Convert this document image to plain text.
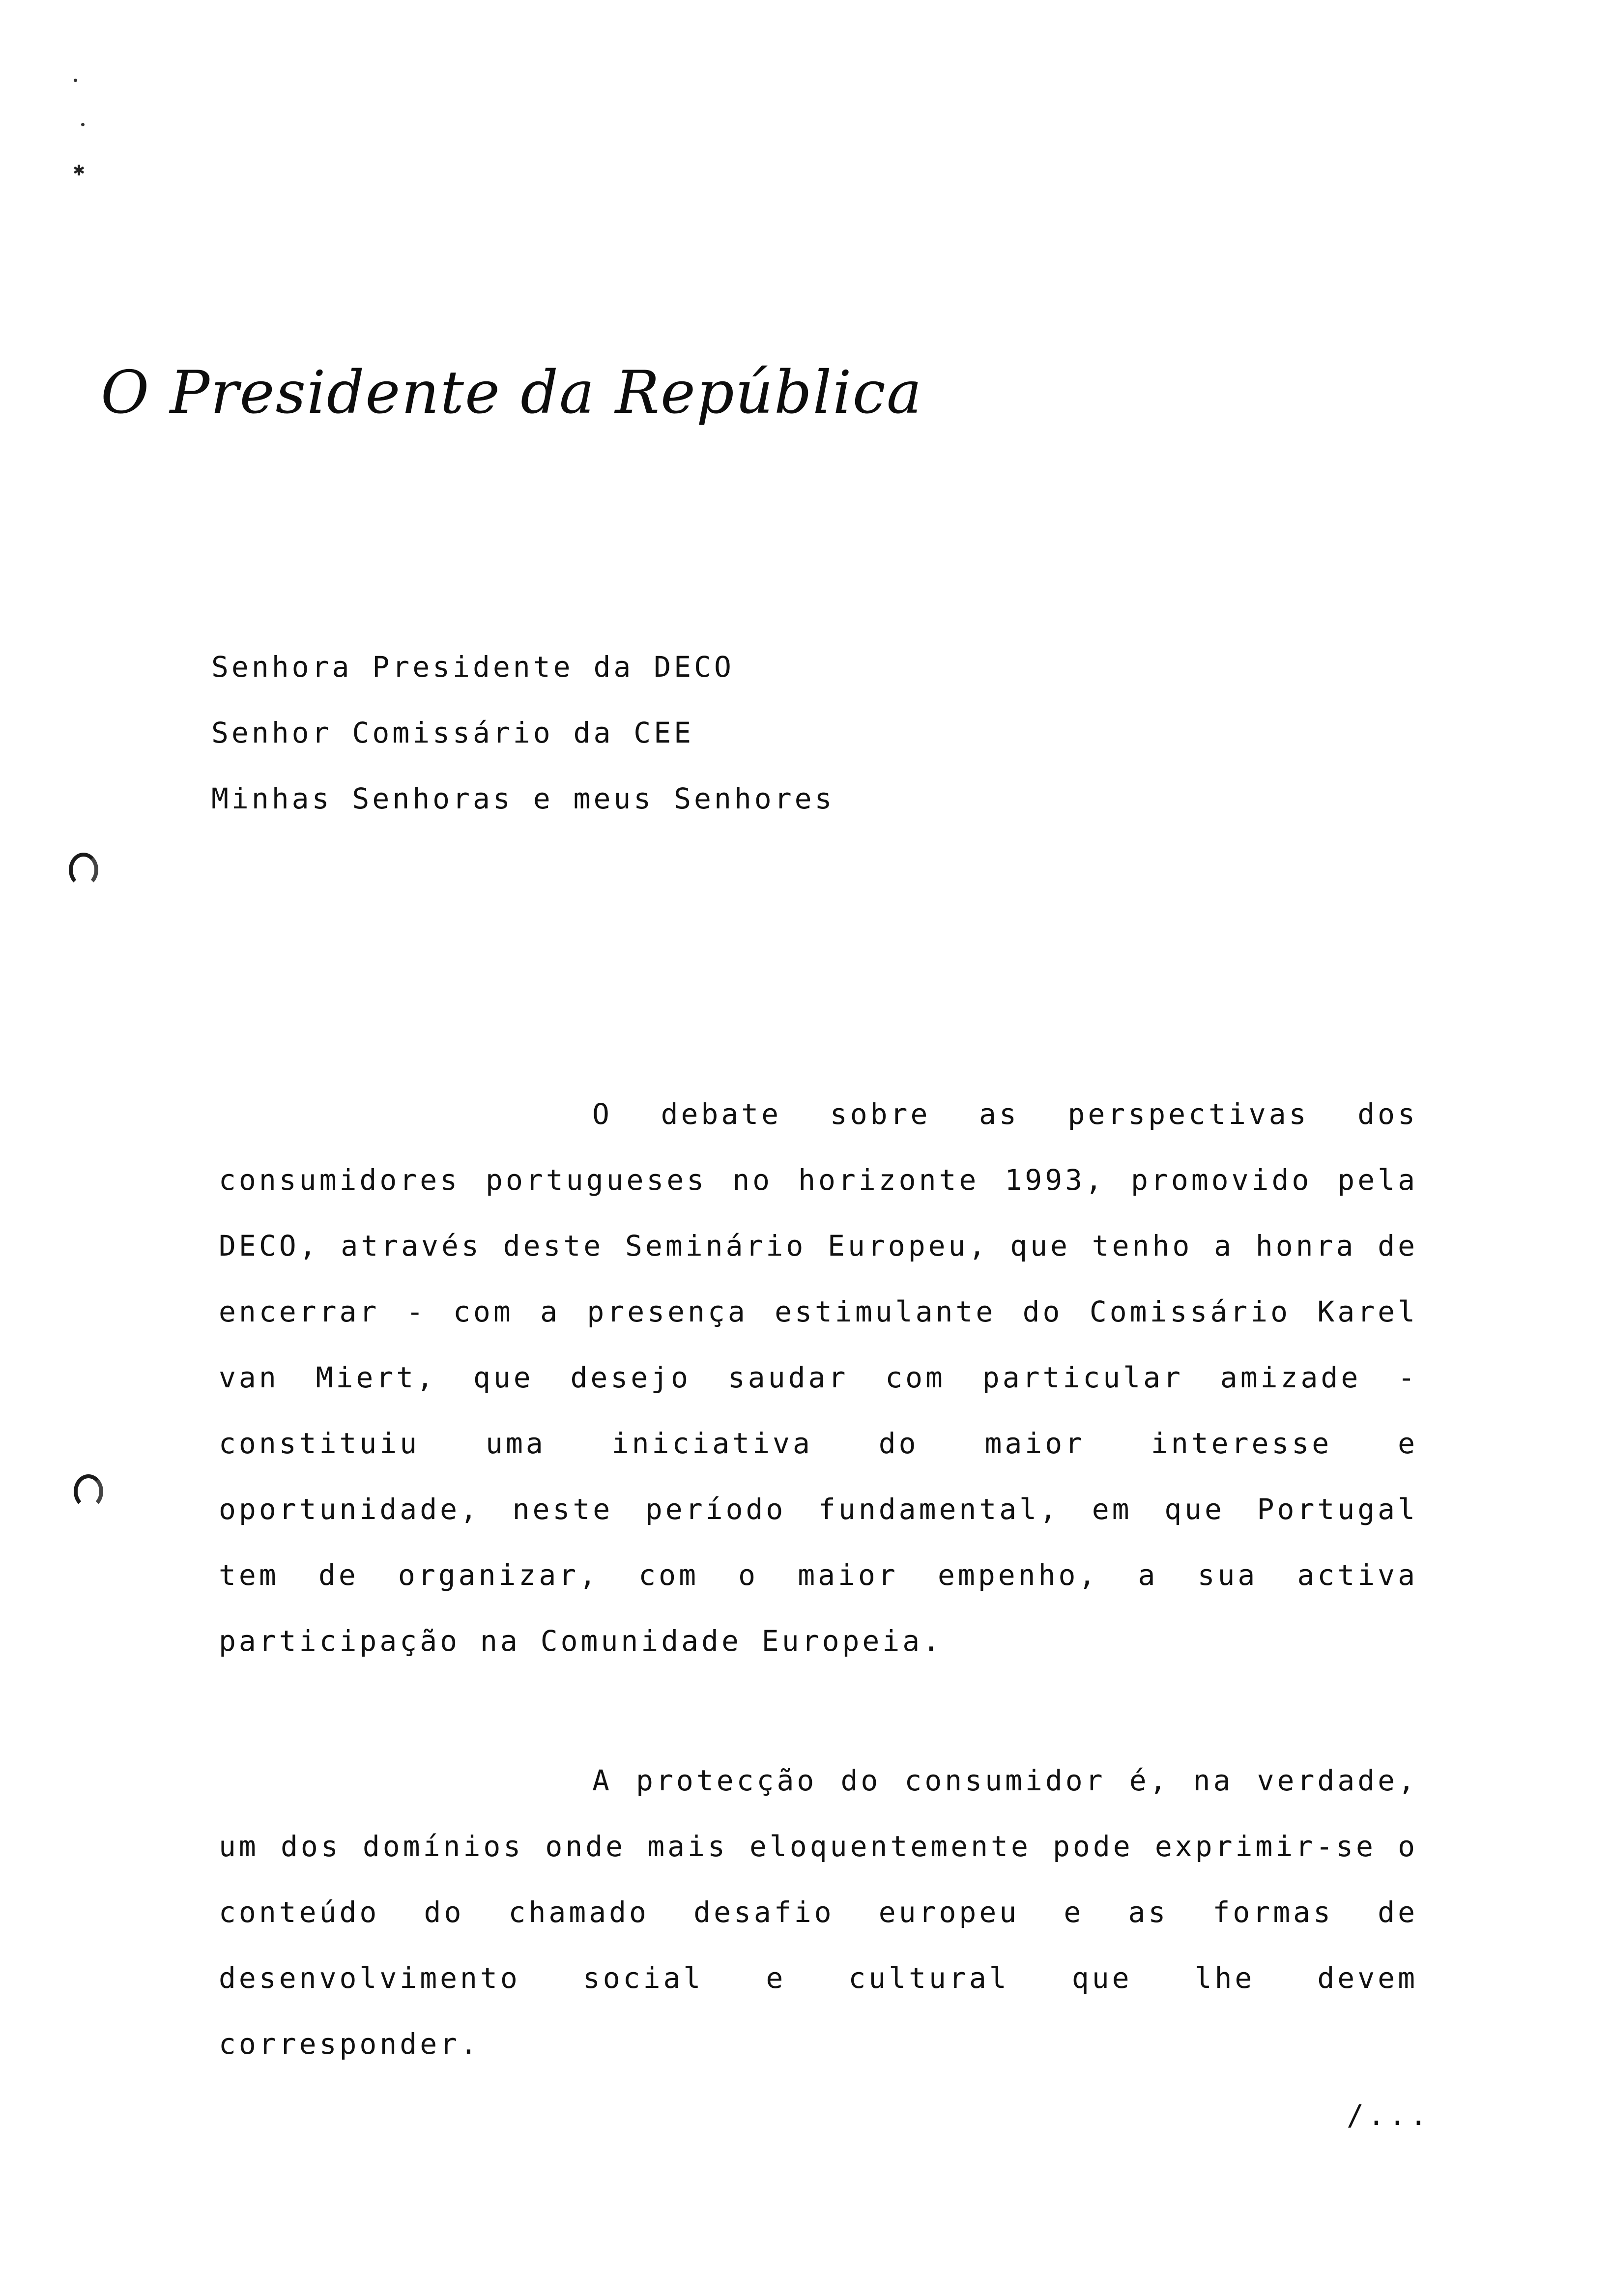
✱
O Presidente da República
Senhora Presidente da DECO
Senhor Comissário da CEE
Minhas Senhoras e meus Senhores

O debate sobre as perspectivas dos consumidores portugueses no horizonte 1993, promovido pela DECO, através deste Seminário Europeu, que tenho a honra de encerrar - com a presença estimulante do Comissário Karel van Miert, que desejo saudar com particular amizade - constituiu uma iniciativa do maior interesse e oportunidade, neste período fundamental, em que Portugal tem de organizar, com o maior empenho, a sua activa participação na Comunidade Europeia.

A protecção do consumidor é, na verdade, um dos domínios onde mais eloquentemente pode exprimir-se o conteúdo do chamado desafio europeu e as formas de desenvolvimento social e cultural que lhe devem corresponder.

/...
